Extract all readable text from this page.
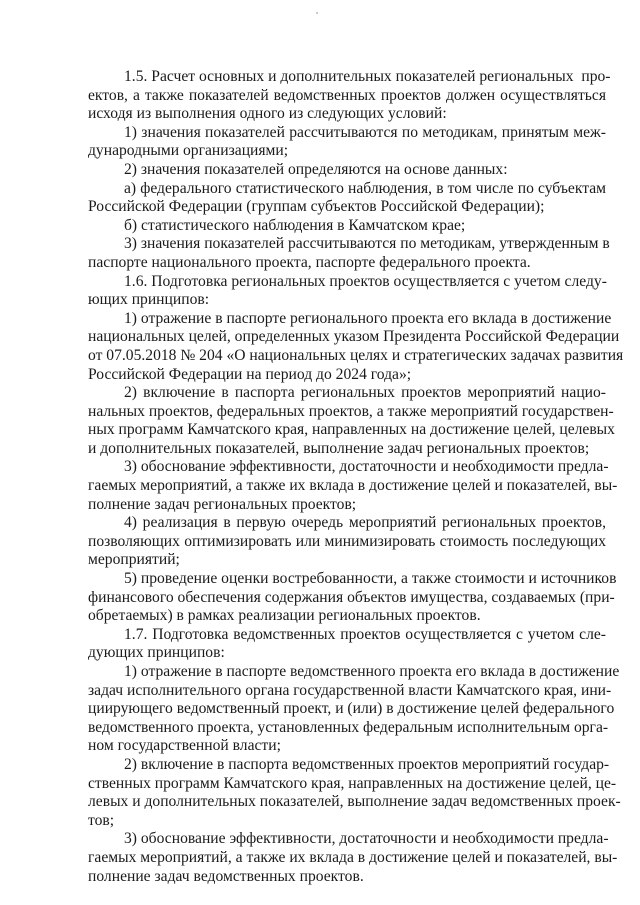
1.5. Расчет основных и дополнительных показателей региональных  про-
ектов, а также показателей ведомственных проектов должен осуществляться
исходя из выполнения одного из следующих условий:
1) значения показателей рассчитываются по методикам, принятым меж-
дународными организациями;
2) значения показателей определяются на основе данных:
а) федерального статистического наблюдения, в том числе по субъектам
Российской Федерации (группам субъектов Российской Федерации);
б) статистического наблюдения в Камчатском крае;
3) значения показателей рассчитываются по методикам, утвержденным в
паспорте национального проекта, паспорте федерального проекта.
1.6. Подготовка региональных проектов осуществляется с учетом следу-
ющих принципов:
1) отражение в паспорте регионального проекта его вклада в достижение
национальных целей, определенных указом Президента Российской Федерации
от 07.05.2018 № 204 «О национальных целях и стратегических задачах развития
Российской Федерации на период до 2024 года»;
2) включение в паспорта региональных проектов мероприятий нацио-
нальных проектов, федеральных проектов, а также мероприятий государствен-
ных программ Камчатского края, направленных на достижение целей, целевых
и дополнительных показателей, выполнение задач региональных проектов;
3) обоснование эффективности, достаточности и необходимости предла-
гаемых мероприятий, а также их вклада в достижение целей и показателей, вы-
полнение задач региональных проектов;
4) реализация в первую очередь мероприятий региональных проектов,
позволяющих оптимизировать или минимизировать стоимость последующих
мероприятий;
5) проведение оценки востребованности, а также стоимости и источников
финансового обеспечения содержания объектов имущества, создаваемых (при-
обретаемых) в рамках реализации региональных проектов.
1.7. Подготовка ведомственных проектов осуществляется с учетом сле-
дующих принципов:
1) отражение в паспорте ведомственного проекта его вклада в достижение
задач исполнительного органа государственной власти Камчатского края, ини-
циирующего ведомственный проект, и (или) в достижение целей федерального
ведомственного проекта, установленных федеральным исполнительным орга-
ном государственной власти;
2) включение в паспорта ведомственных проектов мероприятий государ-
ственных программ Камчатского края, направленных на достижение целей, це-
левых и дополнительных показателей, выполнение задач ведомственных проек-
тов;
3) обоснование эффективности, достаточности и необходимости предла-
гаемых мероприятий, а также их вклада в достижение целей и показателей, вы-
полнение задач ведомственных проектов.
